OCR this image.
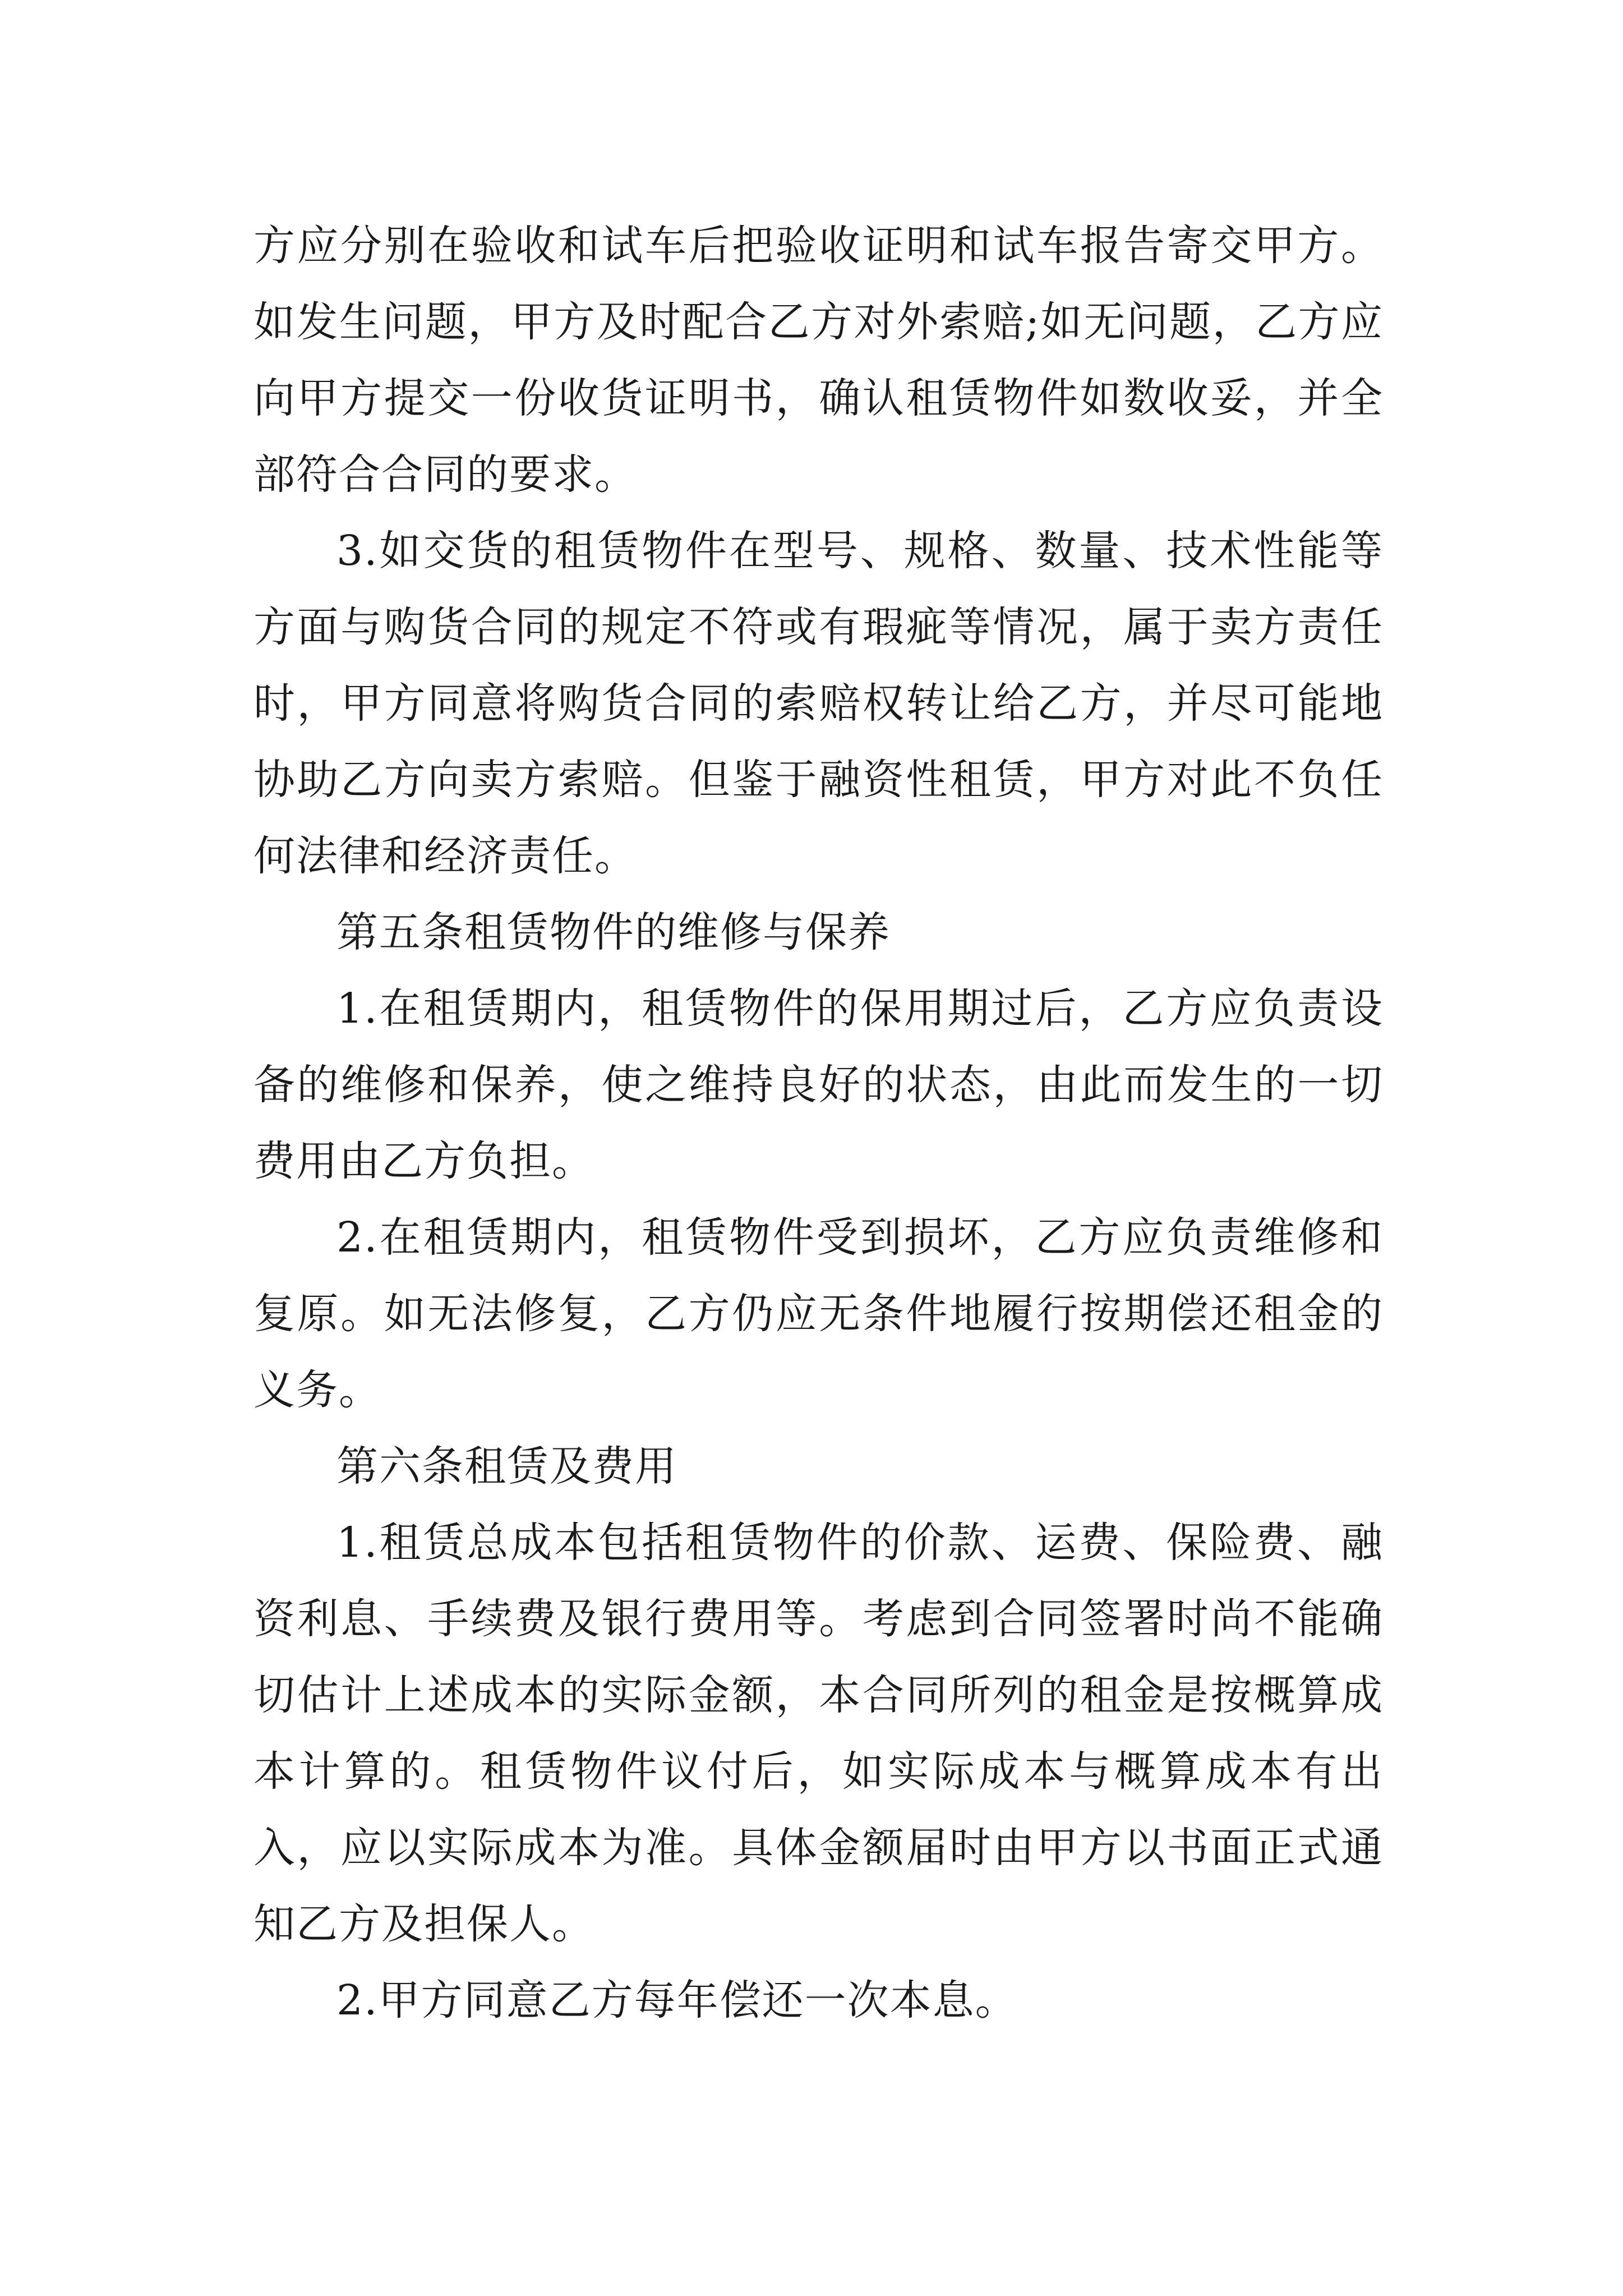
方应分别在验收和试车后把验收证明和试车报告寄交甲方。如发生问题，甲方及时配合乙方对外索赔;如无问题，乙方应向甲方提交一份收货证明书，确认租赁物件如数收妥，并全部符合合同的要求。

3.如交货的租赁物件在型号、规格、数量、技术性能等方面与购货合同的规定不符或有瑕疵等情况，属于卖方责任时，甲方同意将购货合同的索赔权转让给乙方，并尽可能地协助乙方向卖方索赔。但鉴于融资性租赁，甲方对此不负任何法律和经济责任。

第五条租赁物件的维修与保养

1.在租赁期内，租赁物件的保用期过后，乙方应负责设备的维修和保养，使之维持良好的状态，由此而发生的一切费用由乙方负担。

2.在租赁期内，租赁物件受到损坏，乙方应负责维修和复原。如无法修复，乙方仍应无条件地履行按期偿还租金的义务。

第六条租赁及费用

1.租赁总成本包括租赁物件的价款、运费、保险费、融资利息、手续费及银行费用等。考虑到合同签署时尚不能确切估计上述成本的实际金额，本合同所列的租金是按概算成本计算的。租赁物件议付后，如实际成本与概算成本有出入，应以实际成本为准。具体金额届时由甲方以书面正式通知乙方及担保人。

2.甲方同意乙方每年偿还一次本息。
